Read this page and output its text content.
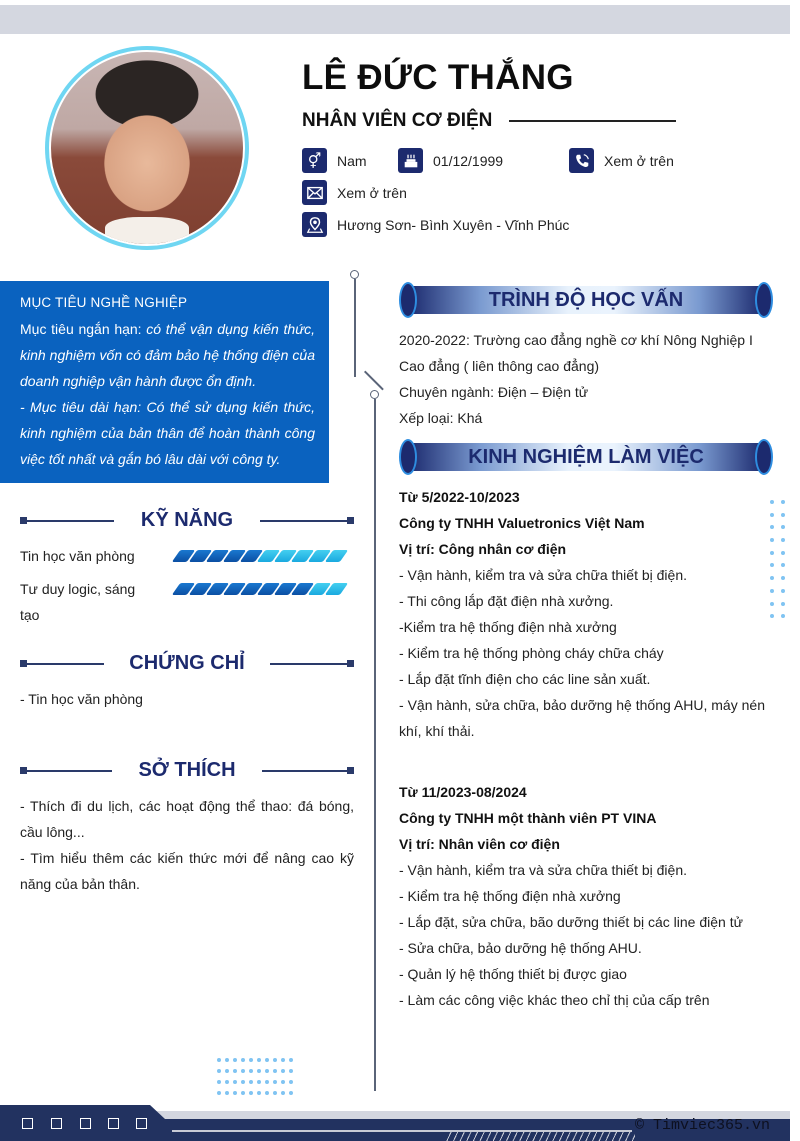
LÊ ĐỨC THẮNG
NHÂN VIÊN CƠ ĐIỆN
⚥	Nam	01/12/1999	Xem ở trên
Xem ở trên
Hương Sơn- Bình Xuyên - Vĩnh Phúc
MỤC TIÊU NGHỀ NGHIỆP

Mục tiêu ngắn hạn: có thể vận dụng kiến thức, kinh nghiệm vốn có đảm bảo hệ thống điện của doanh nghiệp vận hành được ổn định.

- Mục tiêu dài hạn: Có thể sử dụng kiến thức, kinh nghiệm của bản thân để hoàn thành công việc tốt nhất và gắn bó lâu dài với công ty.

KỸ NĂNG
Tin học văn phòng
Tư duy logic, sáng tạo
CHỨNG CHỈ
- Tin học văn phòng
SỞ THÍCH
- Thích đi du lịch, các hoạt động thể thao: đá bóng, cầu lông...
- Tìm hiểu thêm các kiến thức mới để nâng cao kỹ năng của bản thân.
TRÌNH ĐỘ HỌC VẤN
2020-2022: Trường cao đẳng nghề cơ khí Nông Nghiệp I
Cao đẳng ( liên thông cao đẳng)
Chuyên ngành: Điện – Điện tử
Xếp loại: Khá
KINH NGHIỆM LÀM VIỆC
Từ 5/2022-10/2023
Công ty TNHH Valuetronics Việt Nam
Vị trí: Công nhân cơ điện
- Vận hành, kiểm tra và sửa chữa thiết bị điện.
- Thi công lắp đặt điện nhà xưởng.
-Kiểm tra hệ thống điện nhà xưởng
- Kiểm tra hệ thống phòng cháy chữa cháy
- Lắp đặt tĩnh điện cho các line sản xuất.
- Vận hành, sửa chữa, bảo dưỡng hệ thống AHU, máy nén khí, khí thải.
Từ 11/2023-08/2024
Công ty TNHH một thành viên PT VINA
Vị trí: Nhân viên cơ điện
- Vận hành, kiểm tra và sửa chữa thiết bị điện.
- Kiểm tra hệ thống điện nhà xưởng
- Lắp đặt, sửa chữa, bão dưỡng thiết bị các line điện tử
- Sửa chữa, bảo dưỡng hệ thống AHU.
- Quản lý hệ thống thiết bị được giao
- Làm các công việc khác theo chỉ thị của cấp trên
© Timviec365.vn
